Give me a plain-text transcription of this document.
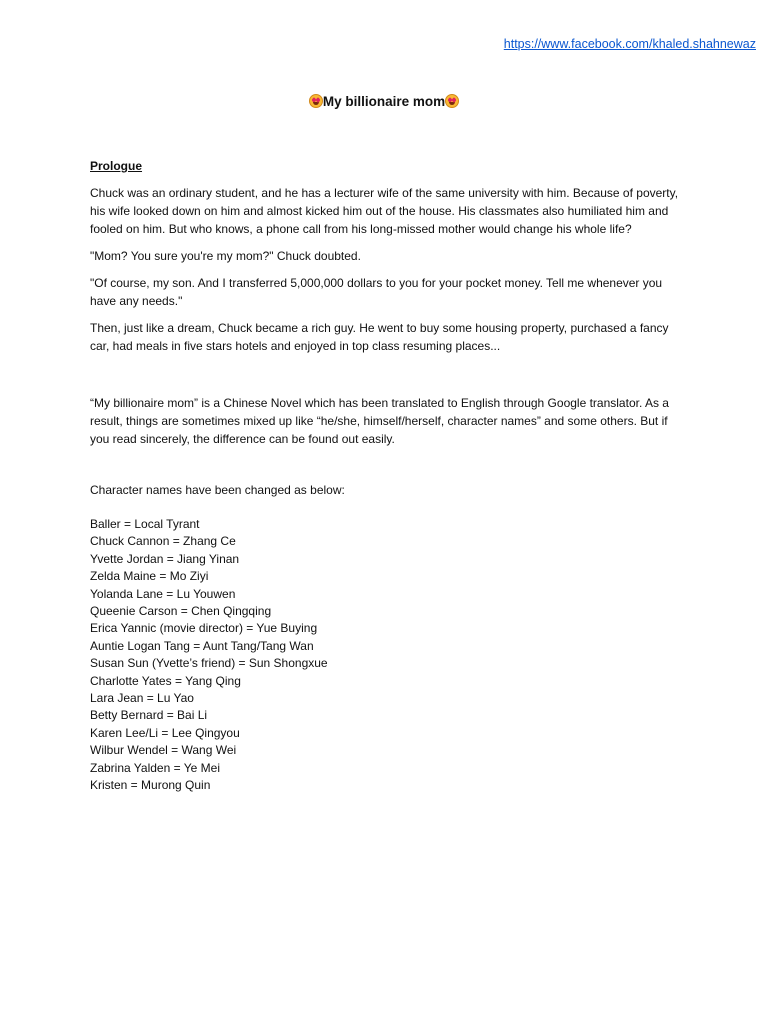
https://www.facebook.com/khaled.shahnewaz
My billionaire mom
Prologue

Chuck was an ordinary student, and he has a lecturer wife of the same university with him. Because of poverty, his wife looked down on him and almost kicked him out of the house. His classmates also humiliated him and fooled on him. But who knows, a phone call from his long-missed mother would change his whole life?

"Mom? You sure you're my mom?" Chuck doubted.

"Of course, my son. And I transferred 5,000,000 dollars to you for your pocket money. Tell me whenever you have any needs."

Then, just like a dream, Chuck became a rich guy. He went to buy some housing property, purchased a fancy car, had meals in five stars hotels and enjoyed in top class resuming places...

“My billionaire mom” is a Chinese Novel which has been translated to English through Google translator. As a result, things are sometimes mixed up like “he/she, himself/herself, character names” and some others. But if you read sincerely, the difference can be found out easily.

Character names have been changed as below:

Baller = Local Tyrant
Chuck Cannon = Zhang Ce
Yvette Jordan = Jiang Yinan
Zelda Maine = Mo Ziyi
Yolanda Lane = Lu Youwen
Queenie Carson = Chen Qingqing
Erica Yannic (movie director) = Yue Buying
Auntie Logan Tang = Aunt Tang/Tang Wan
Susan Sun (Yvette’s friend) = Sun Shongxue
Charlotte Yates = Yang Qing
Lara Jean = Lu Yao
Betty Bernard = Bai Li
Karen Lee/Li = Lee Qingyou
Wilbur Wendel = Wang Wei
Zabrina Yalden = Ye Mei
Kristen = Murong Quin
